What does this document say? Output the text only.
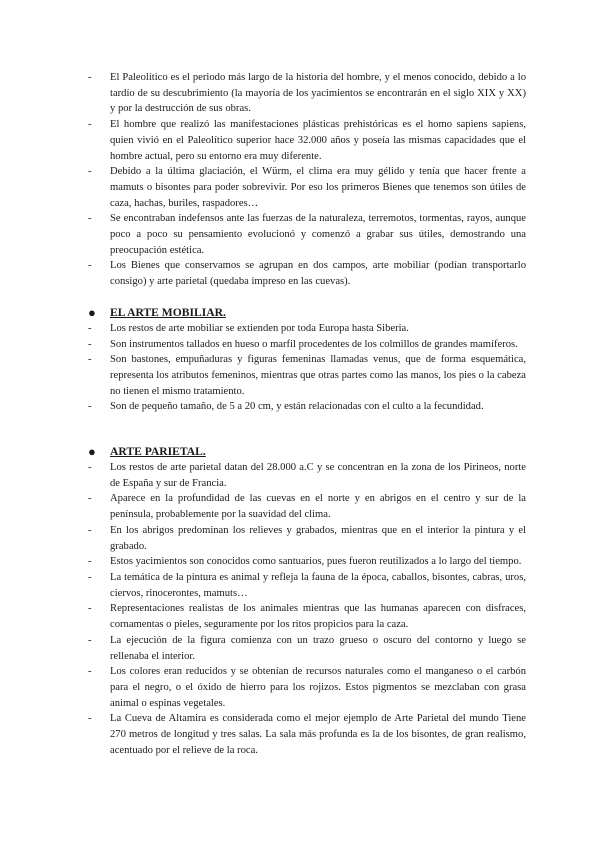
- El Paleolítico es el periodo más largo de la historia del hombre, y el menos conocido, debido a lo tardío de su descubrimiento (la mayoría de los yacimientos se encontrarán en el siglo XIX y XX) y por la destrucción de sus obras.
- El hombre que realizó las manifestaciones plásticas prehistóricas es el homo sapiens sapiens, quien vivió en el Paleolítico superior hace 32.000 años y poseía las mismas capacidades que el hombre actual, pero su entorno era muy diferente.
- Debido a la última glaciación, el Würm, el clima era muy gélido y tenía que hacer frente a mamuts o bisontes para poder sobrevivir. Por eso los primeros Bienes que tenemos son útiles de caza, hachas, buriles, raspadores…
- Se encontraban indefensos ante las fuerzas de la naturaleza, terremotos, tormentas, rayos, aunque poco a poco su pensamiento evolucionó y comenzó a grabar sus útiles, demostrando una preocupación estética.
- Los Bienes que conservamos se agrupan en dos campos, arte mobiliar (podían transportarlo consigo) y arte parietal (quedaba impreso en las cuevas).

● EL ARTE MOBILIAR.

- Los restos de arte mobiliar se extienden por toda Europa hasta Siberia.
- Son instrumentos tallados en hueso o marfil procedentes de los colmillos de grandes mamíferos.
- Son bastones, empuñaduras y figuras femeninas llamadas venus, que de forma esquemática, representa los atributos femeninos, mientras que otras partes como las manos, los pies o la cabeza no tienen el mismo tratamiento.
- Son de pequeño tamaño, de 5 a 20 cm, y están relacionadas con el culto a la fecundidad.

● ARTE PARIETAL.

- Los restos de arte parietal datan del 28.000 a.C y se concentran en la zona de los Pirineos, norte de España y sur de Francia.
- Aparece en la profundidad de las cuevas en el norte y en abrigos en el centro y sur de la península, probablemente por la suavidad del clima.
- En los abrigos predominan los relieves y grabados, mientras que en el interior la pintura y el grabado.
- Estos yacimientos son conocidos como santuarios, pues fueron reutilizados a lo largo del tiempo.
- La temática de la pintura es animal y refleja la fauna de la época, caballos, bisontes, cabras, uros, ciervos, rinocerontes, mamuts…
- Representaciones realistas de los animales mientras que las humanas aparecen con disfraces, cornamentas o pieles, seguramente por los ritos propicios para la caza.
- La ejecución de la figura comienza con un trazo grueso o oscuro del contorno y luego se rellenaba el interior.
- Los colores eran reducidos y se obtenían de recursos naturales como el manganeso o el carbón para el negro, o el óxido de hierro para los rojizos. Estos pigmentos se mezclaban con grasa animal o espinas vegetales.
- La Cueva de Altamira es considerada como el mejor ejemplo de Arte Parietal del mundo Tiene 270 metros de longitud y tres salas. La sala más profunda es la de los bisontes, de gran realismo, acentuado por el relieve de la roca.
